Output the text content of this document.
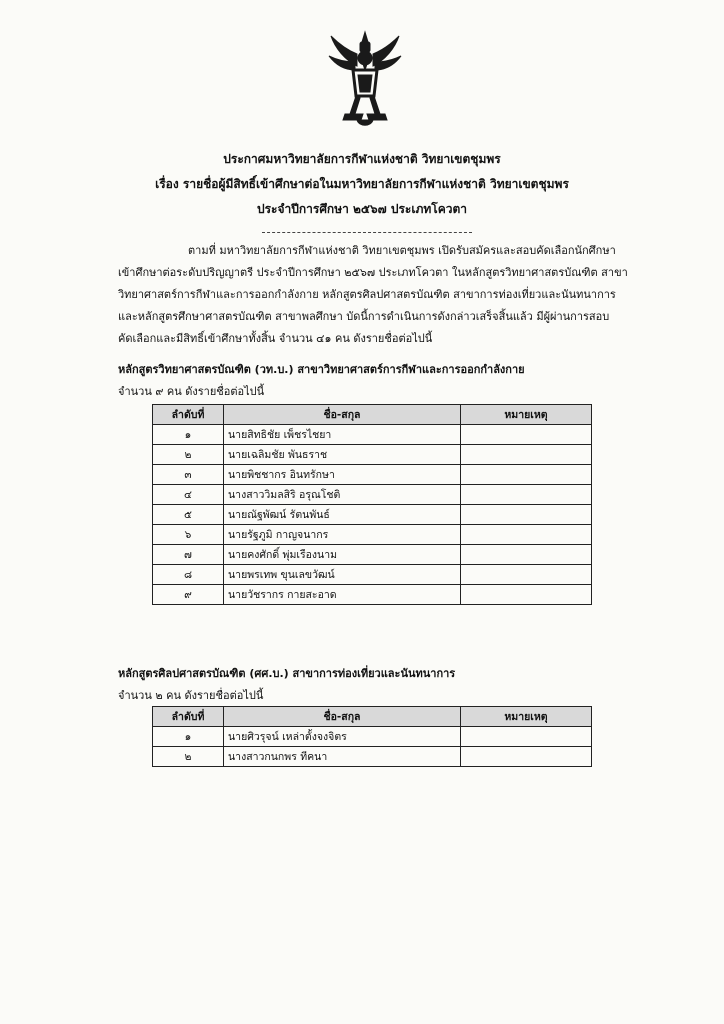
ประกาศมหาวิทยาลัยการกีฬาแห่งชาติ วิทยาเขตชุมพร
เรื่อง รายชื่อผู้มีสิทธิ์เข้าศึกษาต่อในมหาวิทยาลัยการกีฬาแห่งชาติ วิทยาเขตชุมพร
ประจำปีการศึกษา ๒๕๖๗ ประเภทโควตา
ตามที่ มหาวิทยาลัยการกีฬาแห่งชาติ วิทยาเขตชุมพร เปิดรับสมัครและสอบคัดเลือกนักศึกษา
เข้าศึกษาต่อระดับปริญญาตรี ประจำปีการศึกษา ๒๕๖๗ ประเภทโควตา ในหลักสูตรวิทยาศาสตรบัณฑิต สาขา
วิทยาศาสตร์การกีฬาและการออกกำลังกาย หลักสูตรศิลปศาสตรบัณฑิต สาขาการท่องเที่ยวและนันทนาการ
และหลักสูตรศึกษาศาสตรบัณฑิต สาขาพลศึกษา บัดนี้การดำเนินการดังกล่าวเสร็จสิ้นแล้ว มีผู้ผ่านการสอบ
คัดเลือกและมีสิทธิ์เข้าศึกษาทั้งสิ้น จำนวน ๔๑ คน ดังรายชื่อต่อไปนี้
หลักสูตรวิทยาศาสตรบัณฑิต (วท.บ.) สาขาวิทยาศาสตร์การกีฬาและการออกกำลังกาย
จำนวน ๙ คน ดังรายชื่อต่อไปนี้
ลำดับที่	ชื่อ-สกุล	หมายเหตุ
๑	นายสิทธิชัย เพ็ชรไชยา	
๒	นายเฉลิมชัย พันธราช	
๓	นายพิชชากร อินทรักษา	
๔	นางสาววิมลสิริ อรุณโชติ	
๕	นายณัฐพัฒน์ รัตนพันธ์	
๖	นายรัฐภูมิ กาญจนากร	
๗	นายคงศักดิ์ พุ่มเรืองนาม	
๘	นายพรเทพ ขุนเลขวัฒน์	
๙	นายวัชรากร กายสะอาด	
หลักสูตรศิลปศาสตรบัณฑิต (ศศ.บ.) สาขาการท่องเที่ยวและนันทนาการ
จำนวน ๒ คน ดังรายชื่อต่อไปนี้
ลำดับที่	ชื่อ-สกุล	หมายเหตุ
๑	นายศิวรุจน์ เหล่าตั้งจงจิตร	
๒	นางสาวกนกพร ทีคนา	
